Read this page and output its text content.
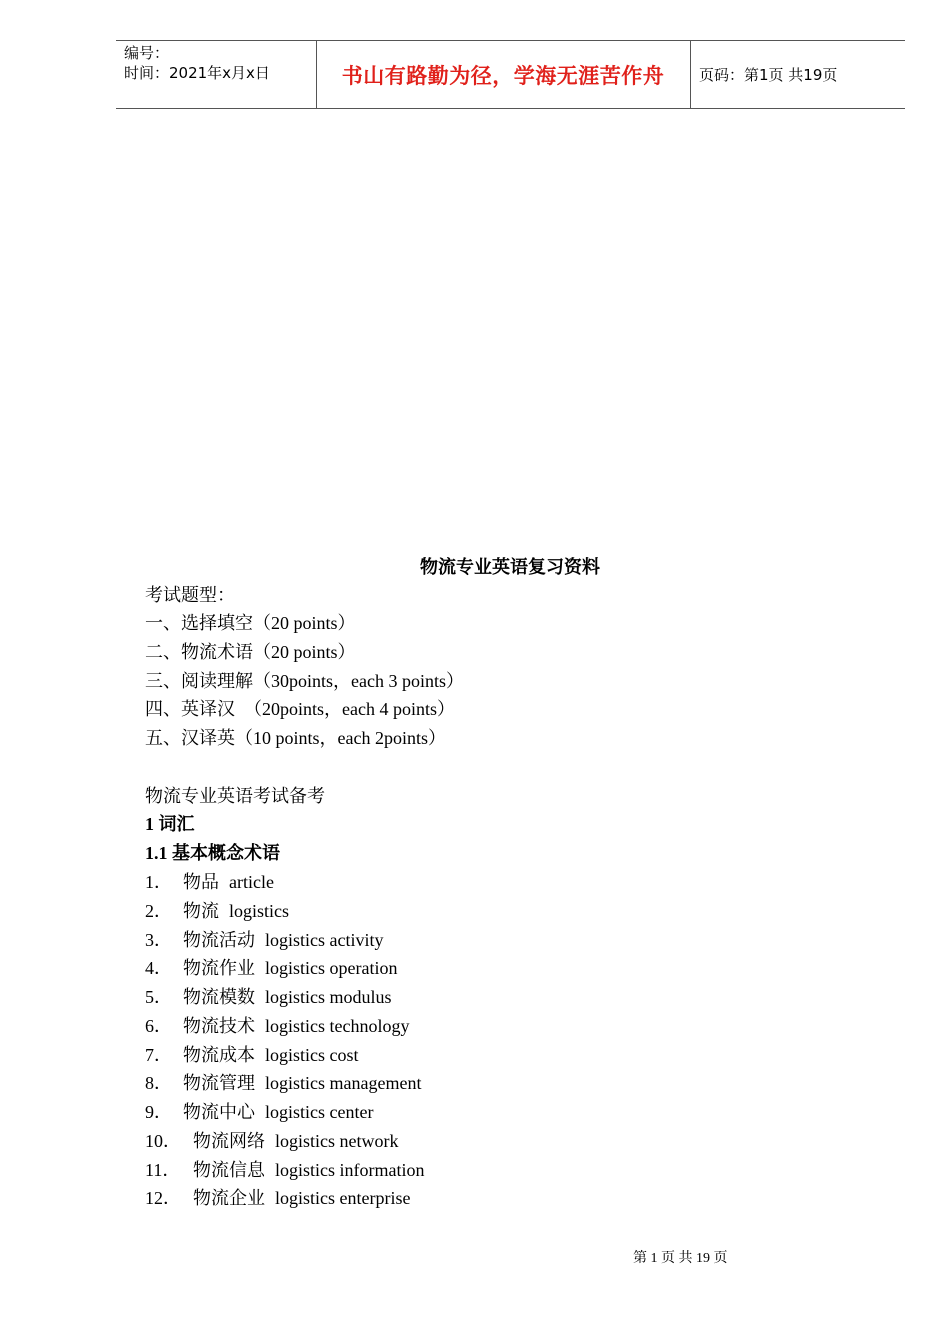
编号：
时间：2021年x月x日	书山有路勤为径，学海无涯苦作舟	页码：第1页 共19页
物流专业英语复习资料
考试题型：
一、选择填空（20 points）
二、物流术语（20 points）
三、阅读理解（30points，each 3 points）
四、英译汉  （20points，each 4 points）
五、汉译英（10 points，each 2points）
物流专业英语考试备考
1 词汇
1.1 基本概念术语
1． 物品 article
2． 物流 logistics
3． 物流活动 logistics activity
4． 物流作业 logistics operation
5． 物流模数 logistics modulus
6． 物流技术 logistics technology
7． 物流成本 logistics cost
8． 物流管理 logistics management
9． 物流中心 logistics center
10． 物流网络 logistics network
11． 物流信息 logistics information
12． 物流企业 logistics enterprise
第 1 页 共 19 页
